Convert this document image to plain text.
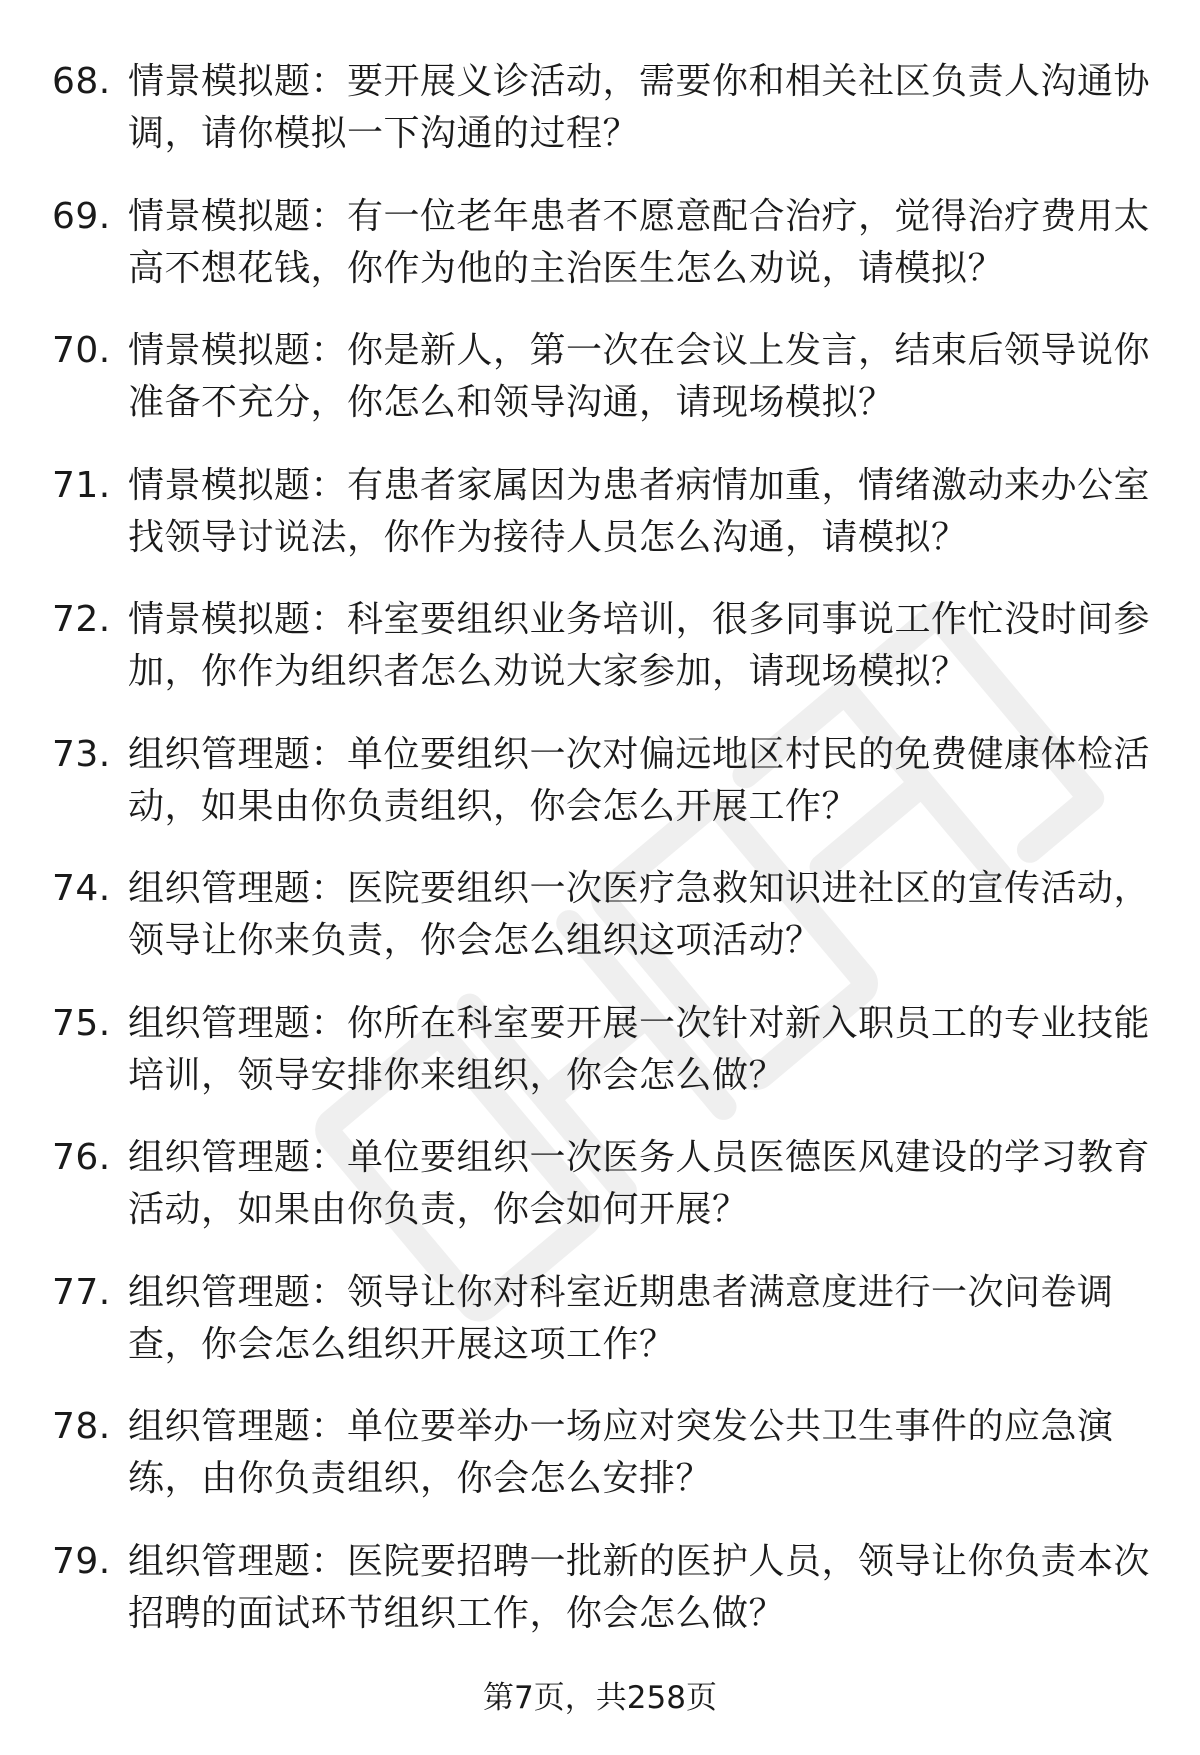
68. 情景模拟题：要开展义诊活动，需要你和相关社区负责人沟通协调，请你模拟一下沟通的过程？
69. 情景模拟题：有一位老年患者不愿意配合治疗，觉得治疗费用太高不想花钱，你作为他的主治医生怎么劝说，请模拟？
70. 情景模拟题：你是新人，第一次在会议上发言，结束后领导说你准备不充分，你怎么和领导沟通，请现场模拟？
71. 情景模拟题：有患者家属因为患者病情加重，情绪激动来办公室找领导讨说法，你作为接待人员怎么沟通，请模拟？
72. 情景模拟题：科室要组织业务培训，很多同事说工作忙没时间参加，你作为组织者怎么劝说大家参加，请现场模拟？
73. 组织管理题：单位要组织一次对偏远地区村民的免费健康体检活动，如果由你负责组织，你会怎么开展工作？
74. 组织管理题：医院要组织一次医疗急救知识进社区的宣传活动，领导让你来负责，你会怎么组织这项活动？
75. 组织管理题：你所在科室要开展一次针对新入职员工的专业技能培训，领导安排你来组织，你会怎么做？
76. 组织管理题：单位要组织一次医务人员医德医风建设的学习教育活动，如果由你负责，你会如何开展？
77. 组织管理题：领导让你对科室近期患者满意度进行一次问卷调查，你会怎么组织开展这项工作？
78. 组织管理题：单位要举办一场应对突发公共卫生事件的应急演练，由你负责组织，你会怎么安排？
79. 组织管理题：医院要招聘一批新的医护人员，领导让你负责本次招聘的面试环节组织工作，你会怎么做？
第7页，共258页
